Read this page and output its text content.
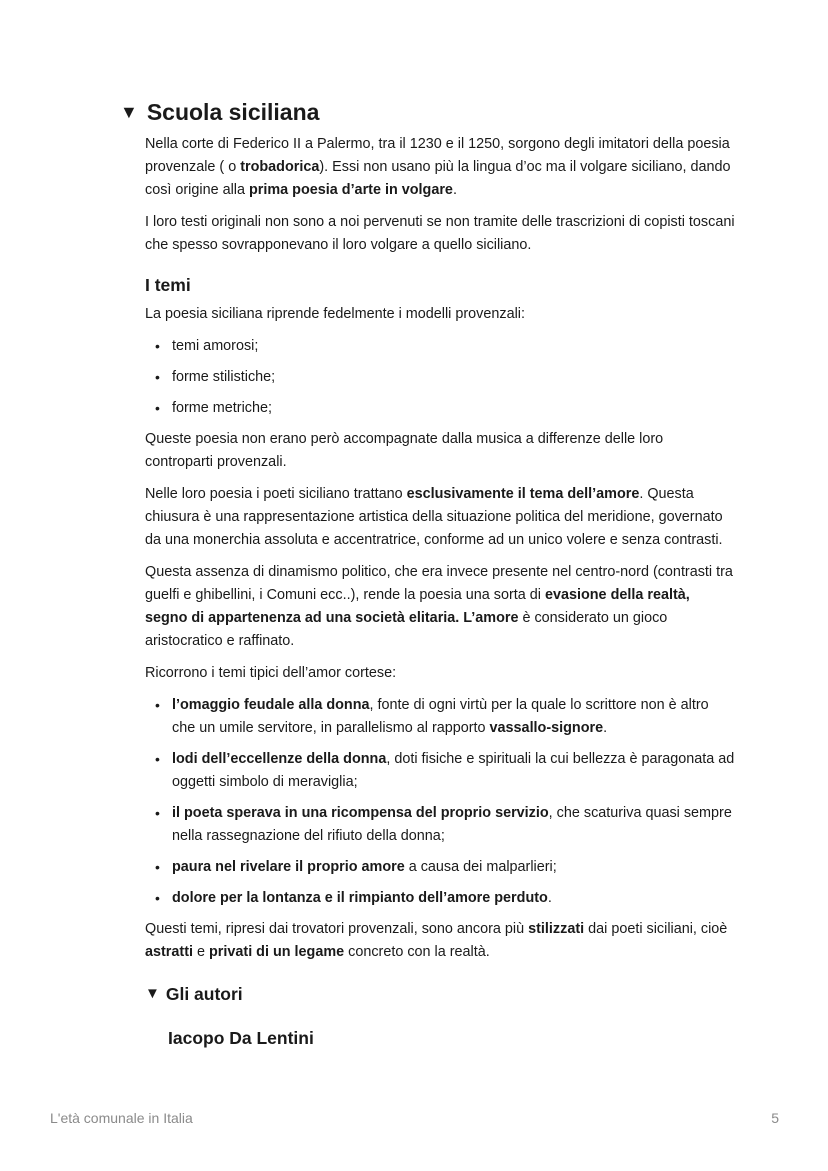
▼ Scuola siciliana

Nella corte di Federico II a Palermo, tra il 1230 e il 1250, sorgono degli imitatori della poesia provenzale ( o trobadorica). Essi non usano più la lingua d’oc ma il volgare siciliano, dando così origine alla prima poesia d’arte in volgare.

I loro testi originali non sono a noi pervenuti se non tramite delle trascrizioni di copisti toscani che spesso sovrapponevano il loro volgare a quello siciliano.

I temi

La poesia siciliana riprende fedelmente i modelli provenzali:

• temi amorosi;
• forme stilistiche;
• forme metriche;

Queste poesia non erano però accompagnate dalla musica a differenze delle loro controparti provenzali.

Nelle loro poesia i poeti siciliano trattano esclusivamente il tema dell’amore. Questa chiusura è una rappresentazione artistica della situazione politica del meridione, governato da una monerchia assoluta e accentratrice, conforme ad un unico volere e senza contrasti.

Questa assenza di dinamismo politico, che era invece presente nel centro-nord (contrasti tra guelfi e ghibellini, i Comuni ecc..), rende la poesia una sorta di evasione della realtà, segno di appartenenza ad una società elitaria. L’amore è considerato un gioco aristocratico e raffinato.

Ricorrono i temi tipici dell’amor cortese:

• l’omaggio feudale alla donna, fonte di ogni virtù per la quale lo scrittore non è altro che un umile servitore, in parallelismo al rapporto vassallo-signore.
• lodi dell’eccellenze della donna, doti fisiche e spirituali la cui bellezza è paragonata ad oggetti simbolo di meraviglia;
• il poeta sperava in una ricompensa del proprio servizio, che scaturiva quasi sempre nella rassegnazione del rifiuto della donna;
• paura nel rivelare il proprio amore a causa dei malparlieri;
• dolore per la lontanza e il rimpianto dell’amore perduto.

Questi temi, ripresi dai trovatori provenzali, sono ancora più stilizzati dai poeti siciliani, cioè astratti e privati di un legame concreto con la realtà.

▼ Gli autori
Iacopo Da Lentini
L'età comunale in Italia	5
